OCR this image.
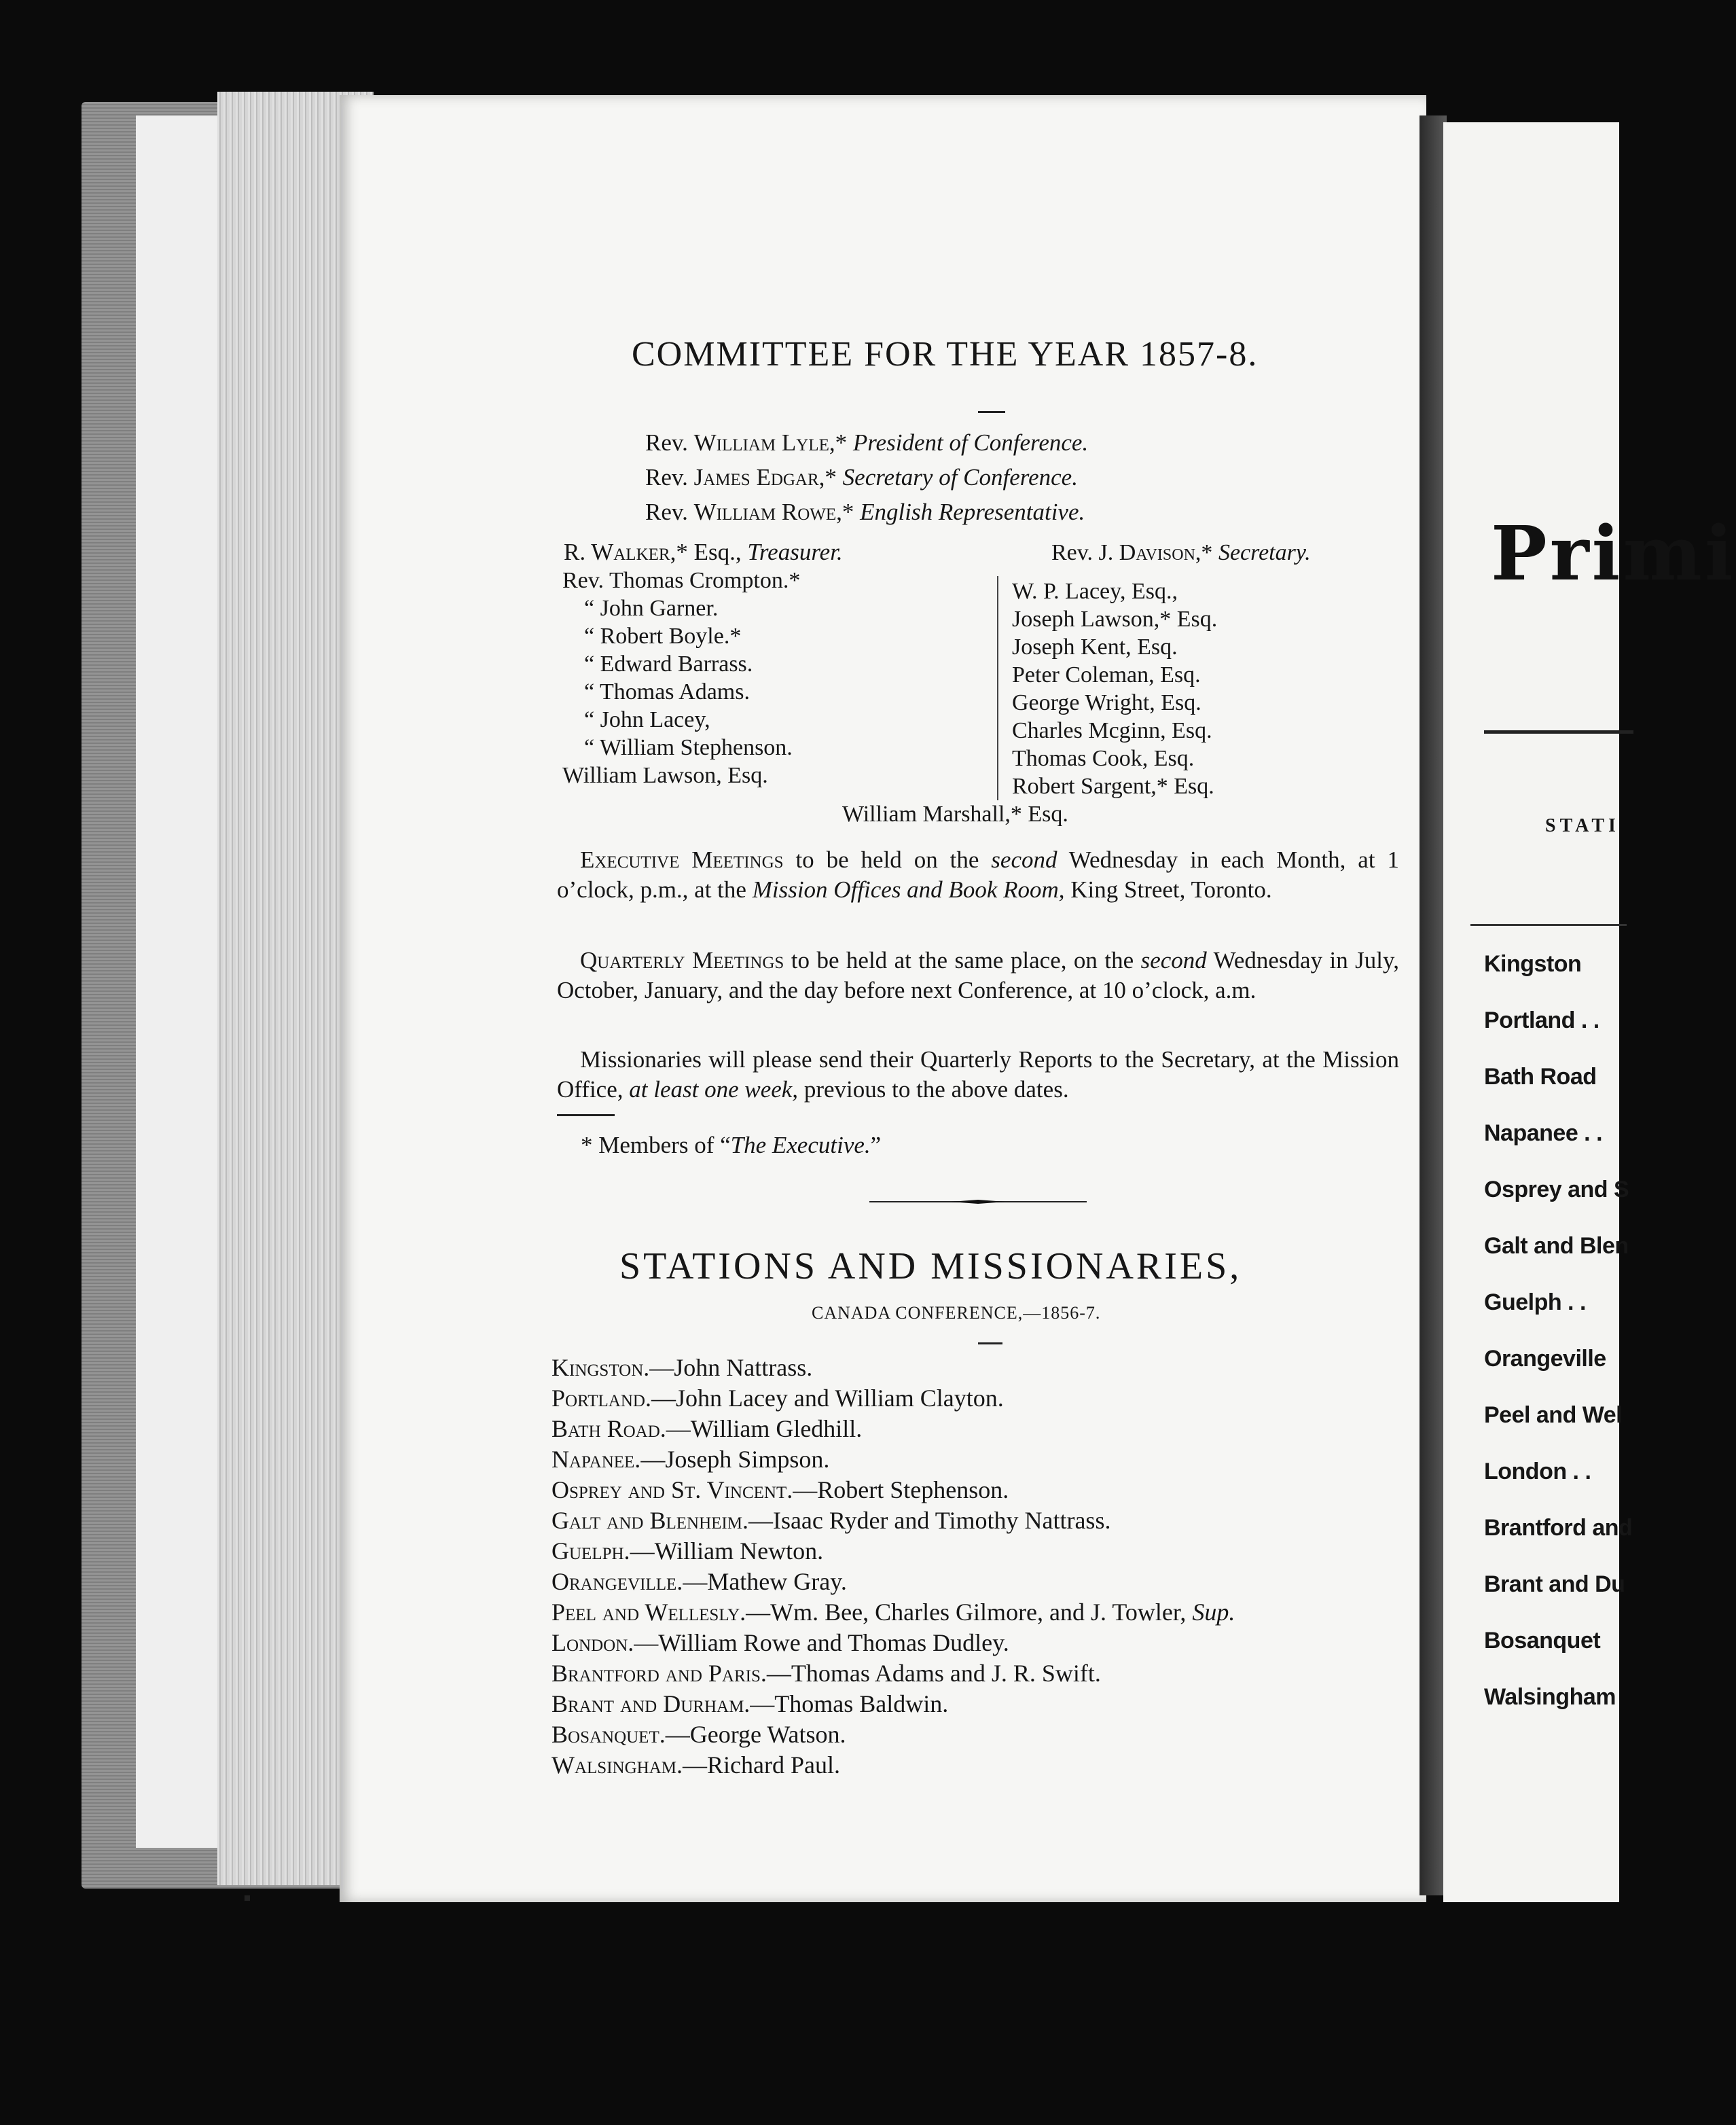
COMMITTEE FOR THE YEAR 1857-8.
Rev. William Lyle,* President of Conference.
Rev. James Edgar,* Secretary of Conference.
Rev. William Rowe,* English Representative.
R. Walker,* Esq., Treasurer.	Rev. J. Davison,* Secretary.
Rev. Thomas Crompton.*
“ John Garner.
“ Robert Boyle.*
“ Edward Barrass.
“ Thomas Adams.
“ John Lacey,
“ William Stephenson.
William Lawson, Esq.
W. P. Lacey, Esq.,
Joseph Lawson,* Esq.
Joseph Kent, Esq.
Peter Coleman, Esq.
George Wright, Esq.
Charles Mcginn, Esq.
Thomas Cook, Esq.
Robert Sargent,* Esq.
William Marshall,* Esq.
Executive Meetings to be held on the second Wednesday in each Month, at 1 o’clock, p.m., at the Mission Offices and Book Room, King Street, Toronto.
Quarterly Meetings to be held at the same place, on the second Wednesday in July, October, January, and the day before next Conference, at 10 o’clock, a.m.
Missionaries will please send their Quarterly Reports to the Secretary, at the Mission Office, at least one week, previous to the above dates.
* Members of “The Executive.”
STATIONS AND MISSIONARIES,
CANADA CONFERENCE,—1856-7.
Kingston.—John Nattrass.
Portland.—John Lacey and William Clayton.
Bath Road.—William Gledhill.
Napanee.—Joseph Simpson.
Osprey and St. Vincent.—Robert Stephenson.
Galt and Blenheim.—Isaac Ryder and Timothy Nattrass.
Guelph.—William Newton.
Orangeville.—Mathew Gray.
Peel and Wellesly.—Wm. Bee, Charles Gilmore, and J. Towler, Sup.
London.—William Rowe and Thomas Dudley.
Brantford and Paris.—Thomas Adams and J. R. Swift.
Brant and Durham.—Thomas Baldwin.
Bosanquet.—George Watson.
Walsingham.—Richard Paul.
Primi
STATI
Kingston
Portland . .
Bath Road
Napanee . .
Osprey and S
Galt and Blen
Guelph . .
Orangeville
Peel and Wel
London . .
Brantford and
Brant and Du
Bosanquet
Walsingham
